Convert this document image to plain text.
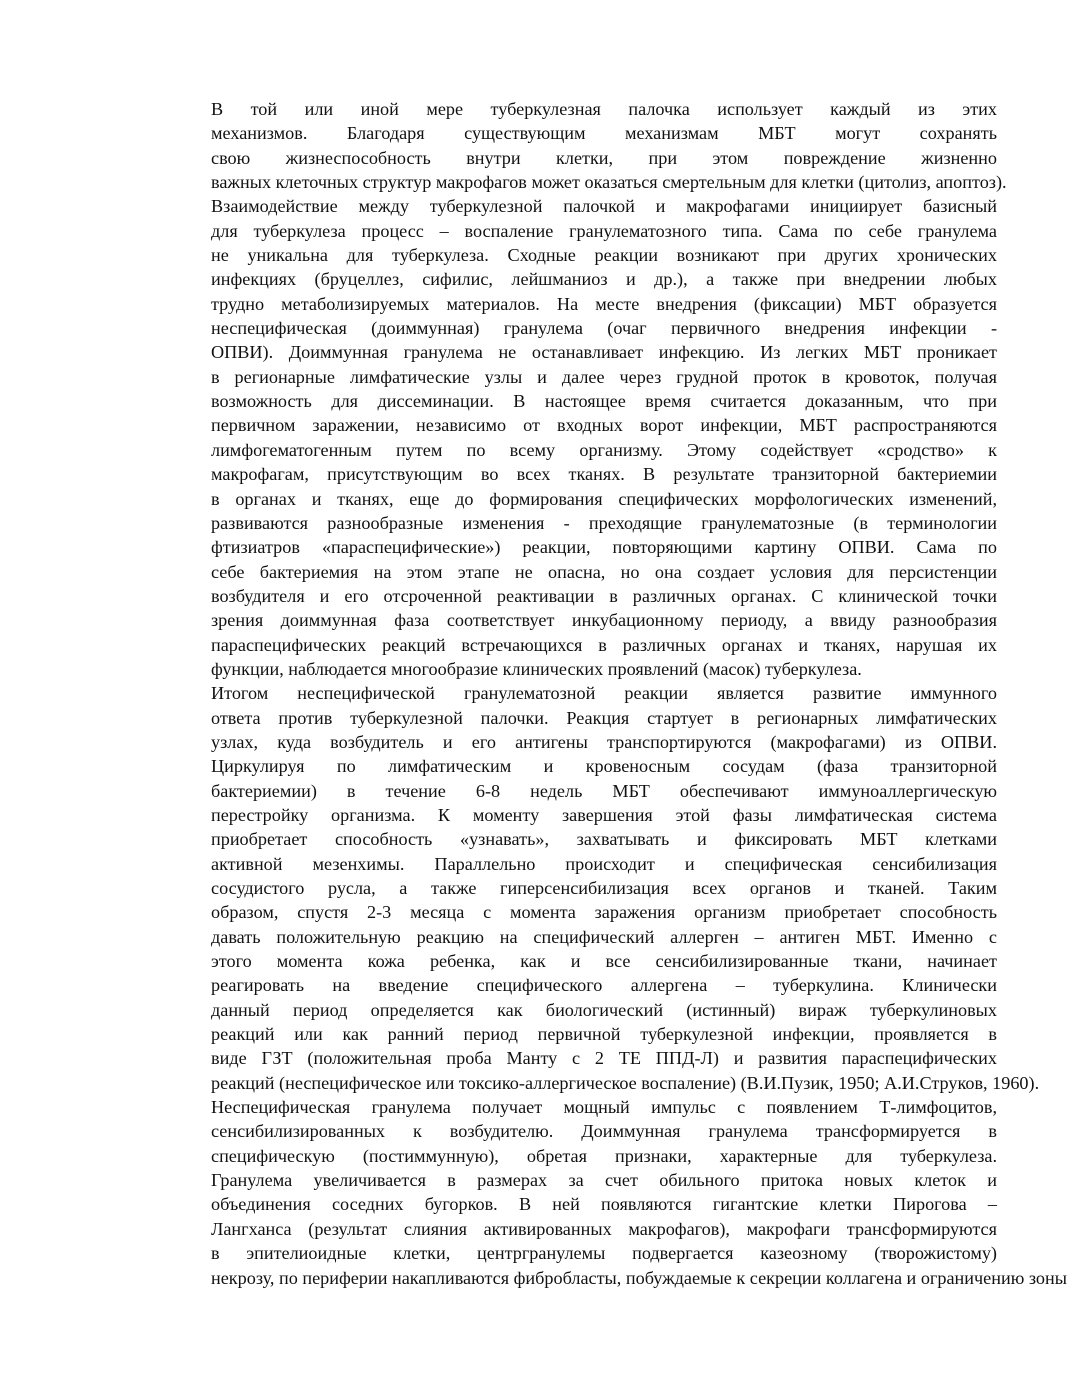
В той или иной мере туберкулезная палочка использует каждый из этих
механизмов. Благодаря существующим механизмам МБТ могут сохранять
свою жизнеспособность внутри клетки, при этом повреждение жизненно
важных клеточных структур макрофагов может оказаться смертельным для клетки (цитолиз, апоптоз).

Взаимодействие между туберкулезной палочкой и макрофагами инициирует базисный
для туберкулеза процесс – воспаление гранулематозного типа. Сама по себе гранулема
не уникальна для туберкулеза. Сходные реакции возникают при других хронических
инфекциях (бруцеллез, сифилис, лейшманиоз и др.), а также при внедрении любых
трудно метаболизируемых материалов. На месте внедрения (фиксации) МБТ образуется
неспецифическая (доиммунная) гранулема (очаг первичного внедрения инфекции -
ОПВИ). Доиммунная гранулема не останавливает инфекцию. Из легких МБТ проникает
в регионарные лимфатические узлы и далее через грудной проток в кровоток, получая
возможность для диссеминации. В настоящее время считается доказанным, что при
первичном заражении, независимо от входных ворот инфекции, МБТ распространяются
лимфогематогенным путем по всему организму. Этому содействует «сродство» к
макрофагам, присутствующим во всех тканях. В результате транзиторной бактериемии
в органах и тканях, еще до формирования специфических морфологических изменений,
развиваются разнообразные изменения - преходящие гранулематозные (в терминологии
фтизиатров «параспецифические») реакции, повторяющими картину ОПВИ. Сама по
себе бактериемия на этом этапе не опасна, но она создает условия для персистенции
возбудителя и его отсроченной реактивации в различных органах. С клинической точки
зрения доиммунная фаза соответствует инкубационному периоду, а ввиду разнообразия
параспецифических реакций встречающихся в различных органах и тканях, нарушая их
функции, наблюдается многообразие клинических проявлений (масок) туберкулеза.

Итогом неспецифической гранулематозной реакции является развитие иммунного
ответа против туберкулезной палочки. Реакция стартует в регионарных лимфатических
узлах, куда возбудитель и его антигены транспортируются (макрофагами) из ОПВИ.
Циркулируя по лимфатическим и кровеносным сосудам (фаза транзиторной
бактериемии) в течение 6-8 недель МБТ обеспечивают иммуноаллергическую
перестройку организма. К моменту завершения этой фазы лимфатическая система
приобретает способность «узнавать», захватывать и фиксировать МБТ клетками
активной мезенхимы. Параллельно происходит и специфическая сенсибилизация
сосудистого русла, а также гиперсенсибилизация всех органов и тканей. Таким
образом, спустя 2-3 месяца с момента заражения организм приобретает способность
давать положительную реакцию на специфический аллерген – антиген МБТ. Именно с
этого момента кожа ребенка, как и все сенсибилизированные ткани, начинает
реагировать на введение специфического аллергена – туберкулина. Клинически
данный период определяется как биологический (истинный) вираж туберкулиновых
реакций или как ранний период первичной туберкулезной инфекции, проявляется в
виде ГЗТ (положительная проба Манту с 2 ТЕ ППД-Л) и развития параспецифических
реакций (неспецифическое или токсико-аллергическое воспаление) (В.И.Пузик, 1950; А.И.Струков, 1960).

Неспецифическая гранулема получает мощный импульс с появлением Т-лимфоцитов,
сенсибилизированных к возбудителю. Доиммунная гранулема трансформируется в
специфическую (постиммунную), обретая признаки, характерные для туберкулеза.
Гранулема увеличивается в размерах за счет обильного притока новых клеток и
объединения соседних бугорков. В ней появляются гигантские клетки Пирогова –
Лангханса (результат слияния активированных макрофагов), макрофаги трансформируются
в эпителиоидные клетки, центргранулемы подвергается казеозному (творожистому)
некрозу, по периферии накапливаются фибробласты, побуждаемые к секреции коллагена и ограничению зоны
